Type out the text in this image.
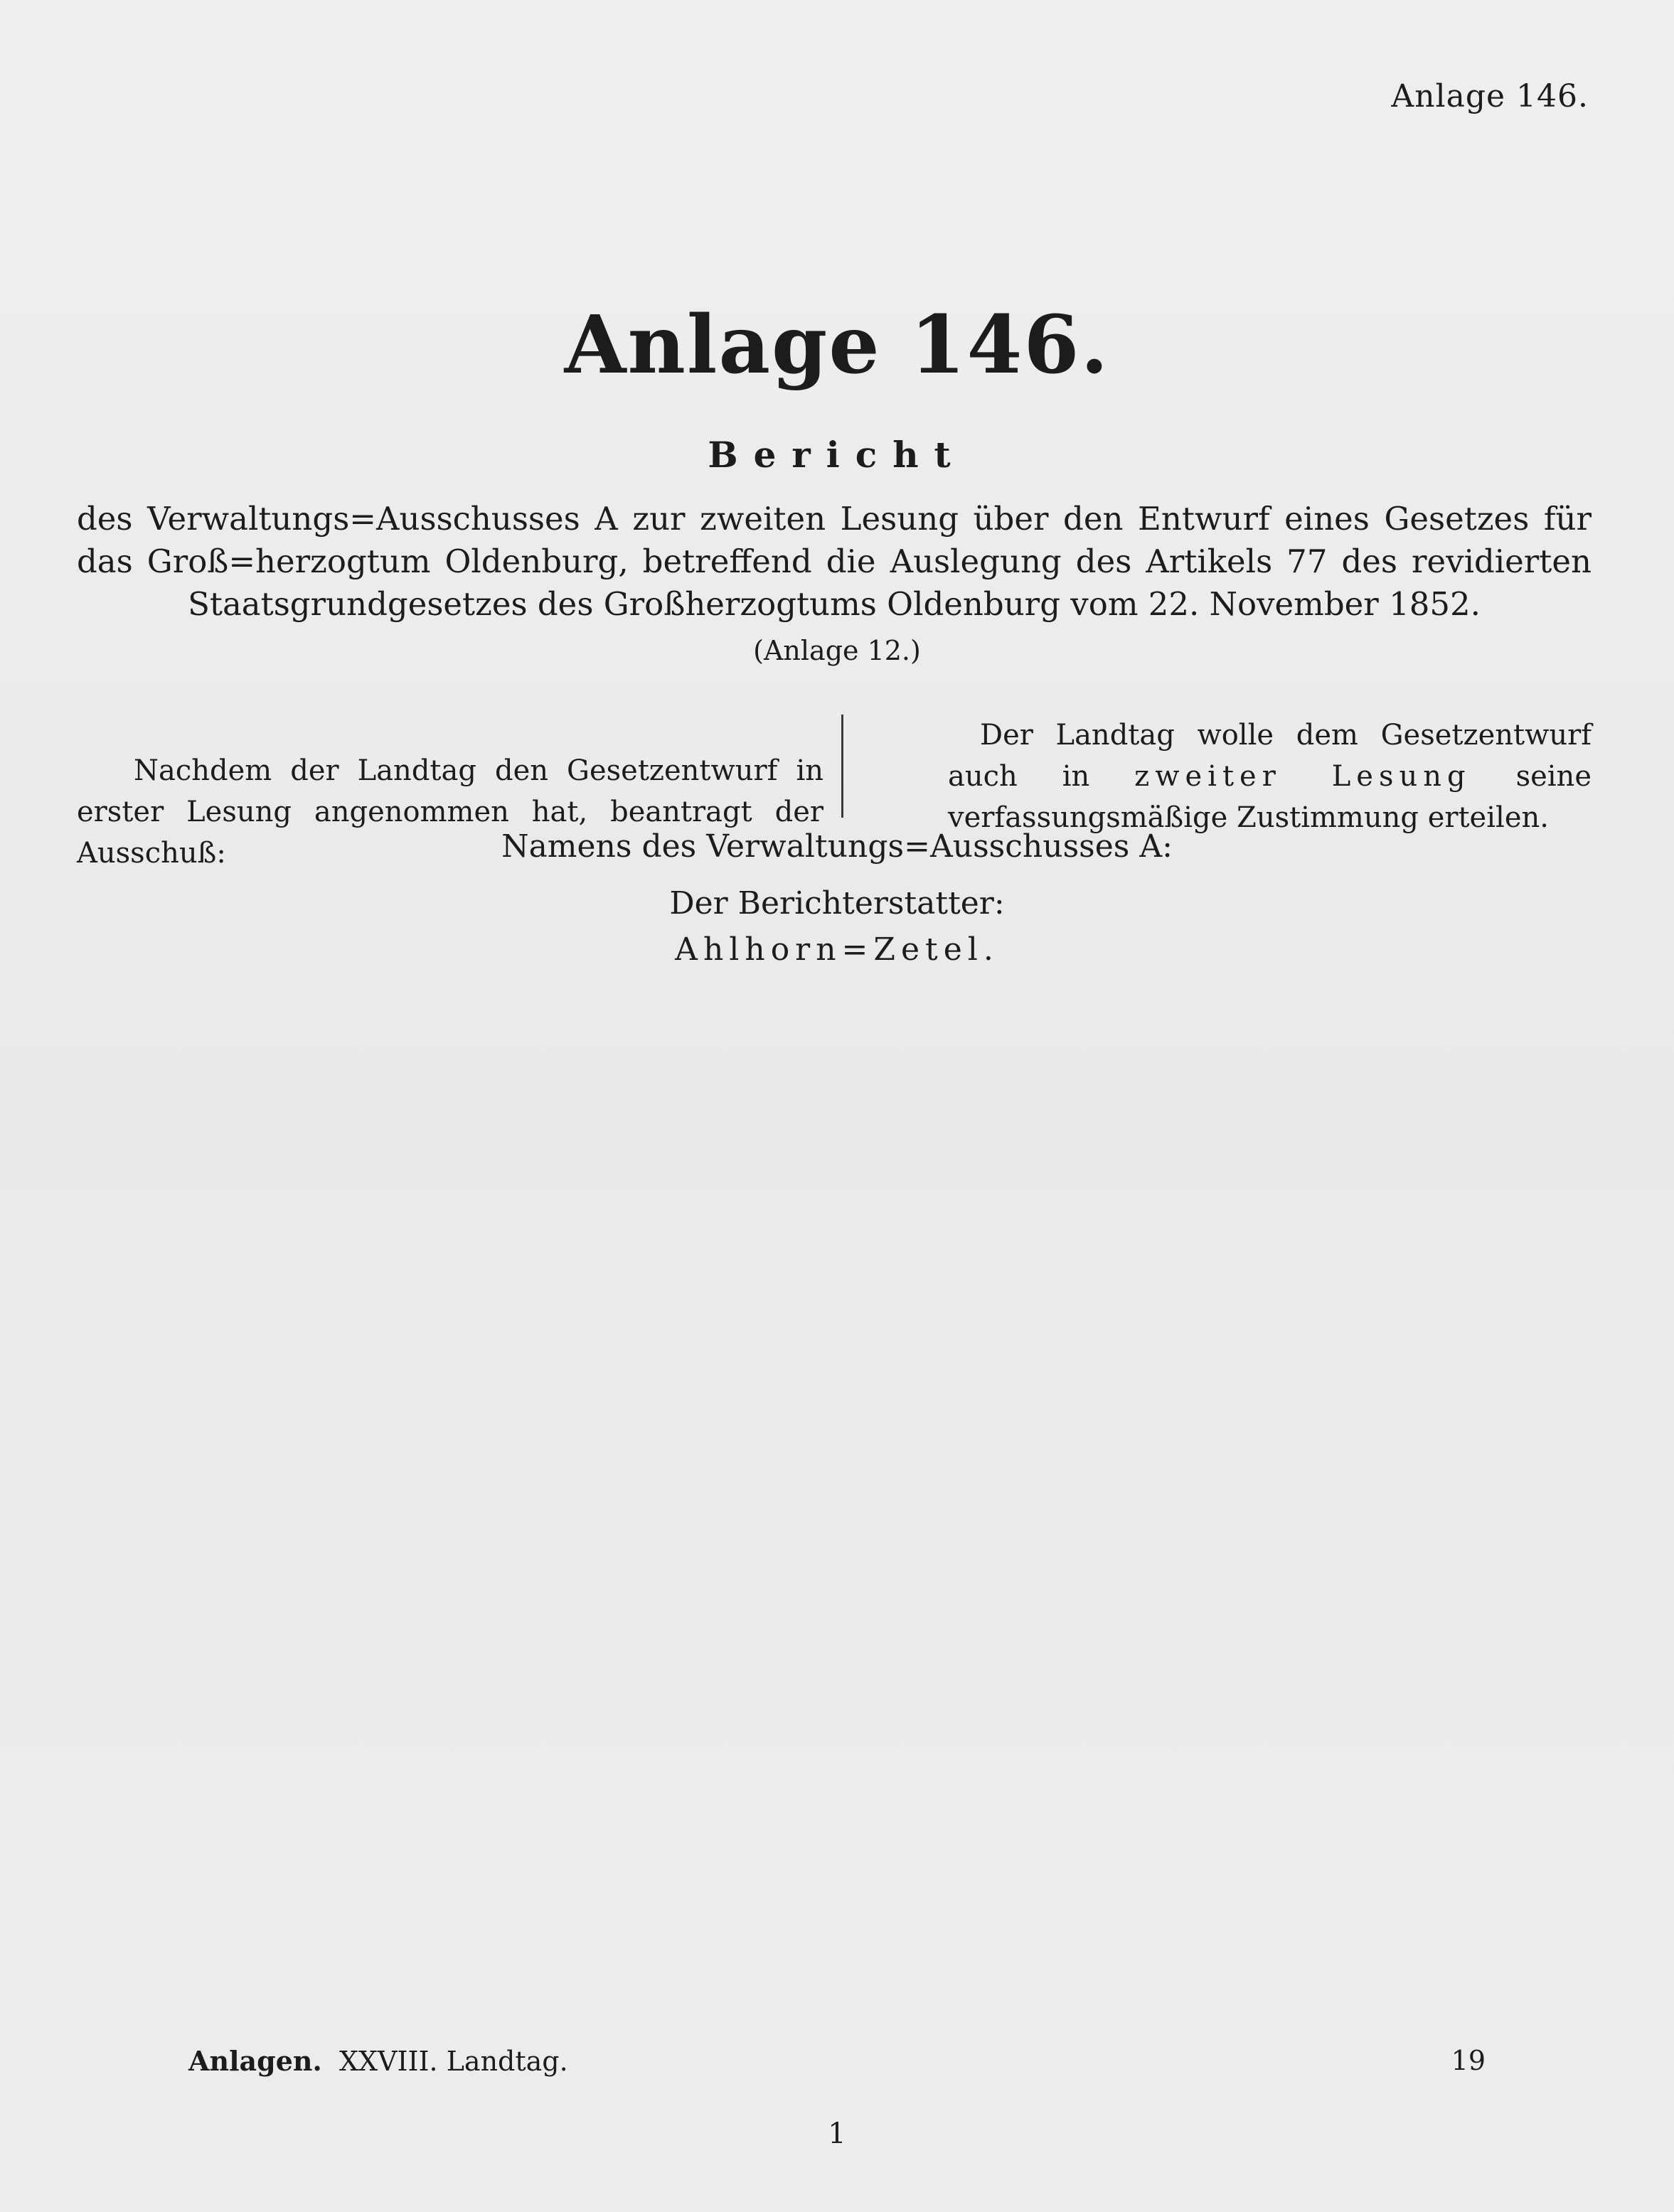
Anlage 146.
Anlage 146.
Bericht
des Verwaltungs=Ausschusses A zur zweiten Lesung über den Entwurf eines Gesetzes für das Groß=herzogtum Oldenburg, betreffend die Auslegung des Artikels 77 des revidierten Staatsgrundgesetzes des Großherzogtums Oldenburg vom 22. November 1852.
(Anlage 12.)
Nachdem der Landtag den Gesetzentwurf in erster Lesung angenommen hat, beantragt der Ausschuß:
Der Landtag wolle dem Gesetzentwurf auch in zweiter Lesung seine verfassungsmäßige Zustimmung erteilen.
Namens des Verwaltungs=Ausschusses A:
Der Berichterstatter:
Ahlhorn=Zetel.
Anlagen. XXVIII. Landtag.	19
1
